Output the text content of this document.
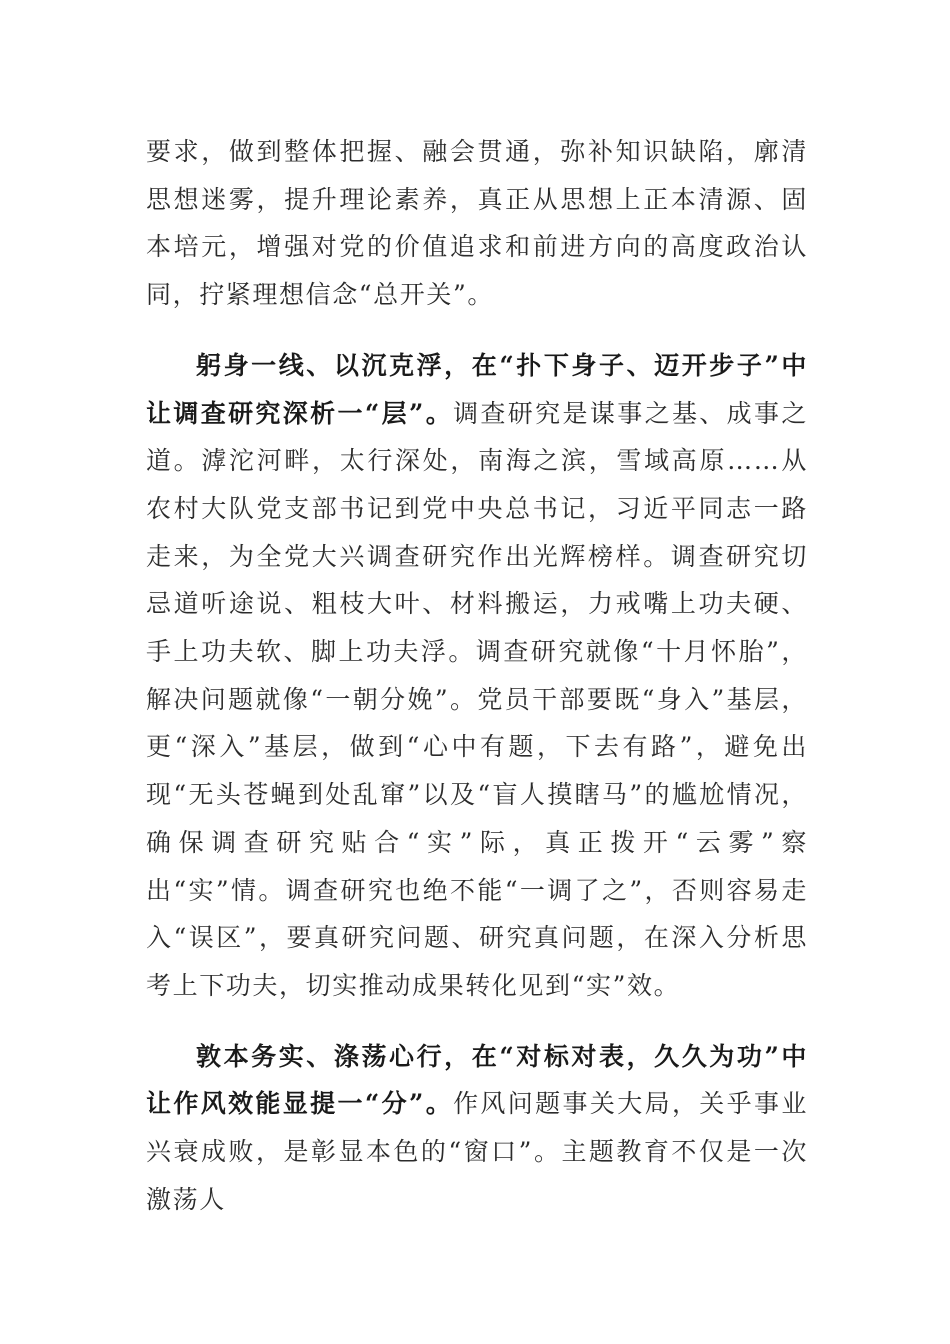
要求，做到整体把握、融会贯通，弥补知识缺陷，廓清思想迷雾，提升理论素养，真正从思想上正本清源、固本培元，增强对党的价值追求和前进方向的高度政治认同，拧紧理想信念“总开关”。

躬身一线、以沉克浮，在“扑下身子、迈开步子”中让调查研究深析一“层”。调查研究是谋事之基、成事之道。滹沱河畔，太行深处，南海之滨，雪域高原……从农村大队党支部书记到党中央总书记，习近平同志一路走来，为全党大兴调查研究作出光辉榜样。调查研究切忌道听途说、粗枝大叶、材料搬运，力戒嘴上功夫硬、手上功夫软、脚上功夫浮。调查研究就像“十月怀胎”，解决问题就像“一朝分娩”。党员干部要既“身入”基层，更“深入”基层，做到“心中有题，下去有路”，避免出现“无头苍蝇到处乱窜”以及“盲人摸瞎马”的尴尬情况，确保调查研究贴合“实”际，真正拨开“云雾”察出“实”情。调查研究也绝不能“一调了之”，否则容易走入“误区”，要真研究问题、研究真问题，在深入分析思考上下功夫，切实推动成果转化见到“实”效。

敦本务实、涤荡心行，在“对标对表，久久为功”中让作风效能显提一“分”。作风问题事关大局，关乎事业兴衰成败，是彰显本色的“窗口”。主题教育不仅是一次激荡人
